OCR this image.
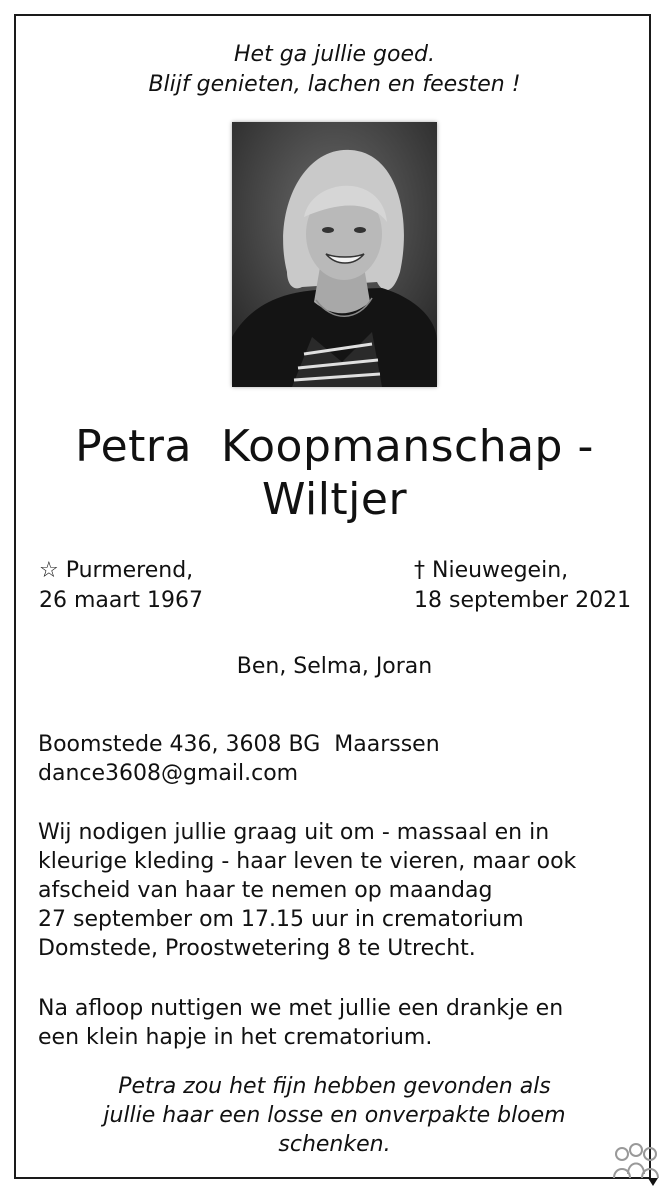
Het ga jullie goed.
Blijf genieten, lachen en feesten !
Petra  Koopmanschap -
Wiltjer
☆ Purmerend,
26 maart 1967
† Nieuwegein,
18 september 2021
Ben, Selma, Joran
Boomstede 436, 3608 BG  Maarssen
dance3608@gmail.com
Wij nodigen jullie graag uit om - massaal en in
kleurige kleding - haar leven te vieren, maar ook
afscheid van haar te nemen op maandag
27 september om 17.15 uur in crematorium
Domstede, Proostwetering 8 te Utrecht.
Na afloop nuttigen we met jullie een drankje en
een klein hapje in het crematorium.
Petra zou het fijn hebben gevonden als
jullie haar een losse en onverpakte bloem
schenken.
